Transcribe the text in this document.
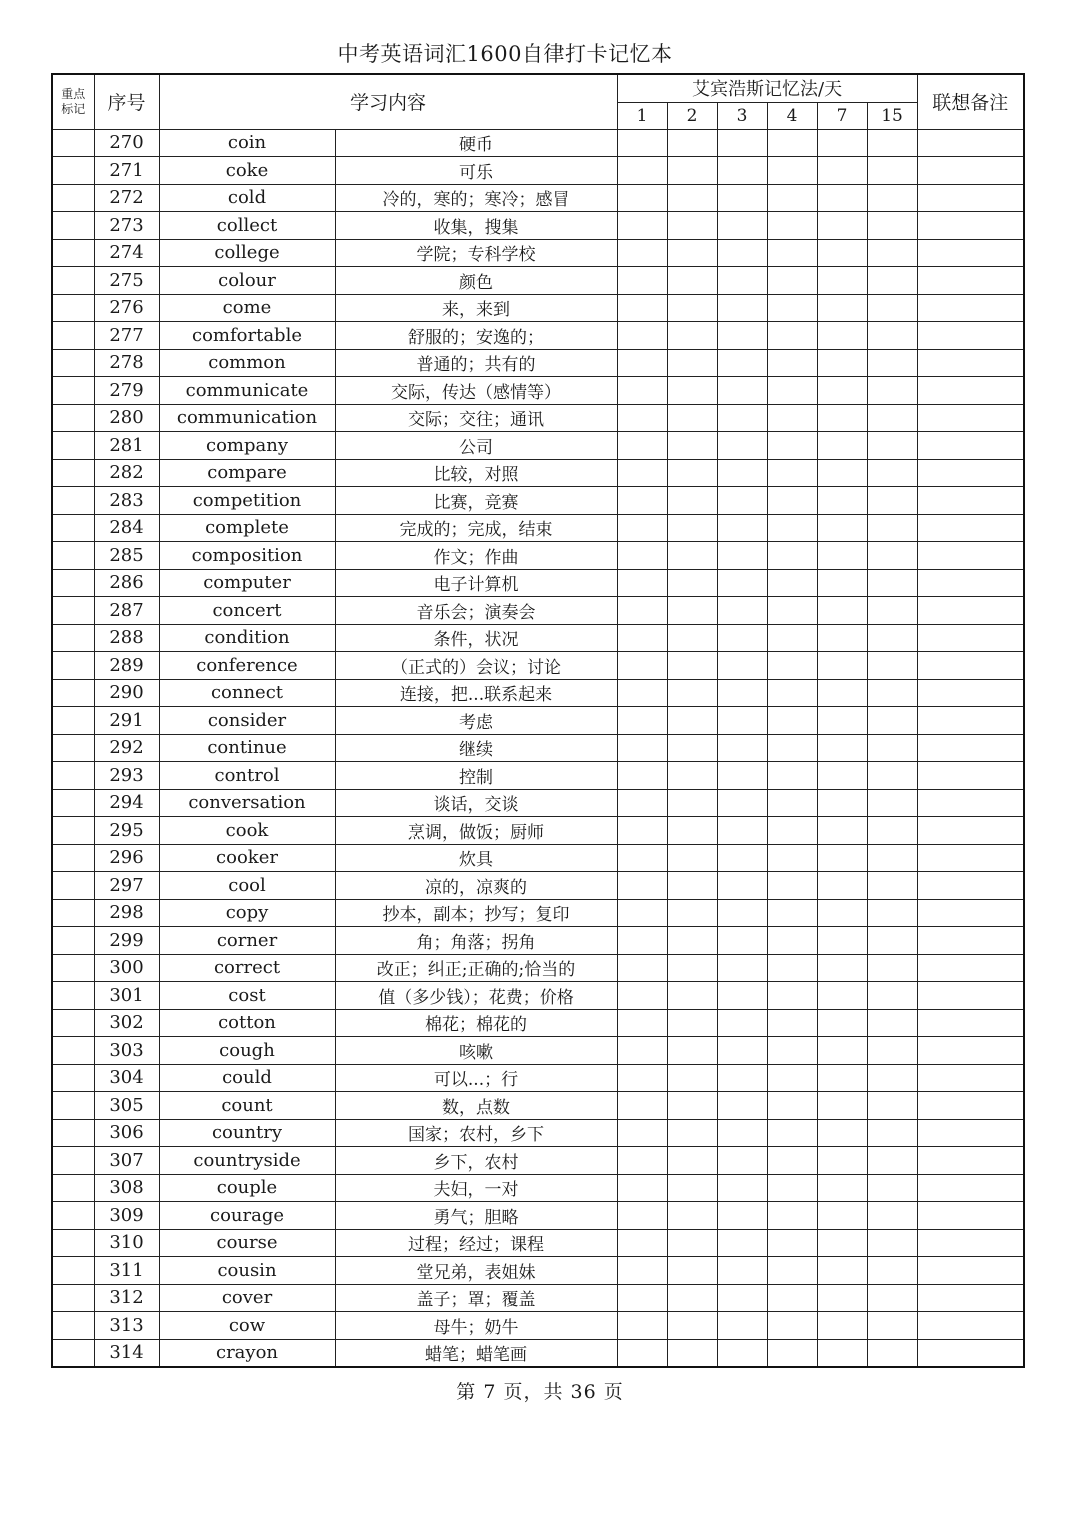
中考英语词汇1600自律打卡记忆本
重点标记	序号	学习内容		艾宾浩斯记忆法/天						联想备注
				1	2	3	4	7	15	
	270	coin	硬币							
	271	coke	可乐							
	272	cold	冷的，寒的；寒冷；感冒							
	273	collect	收集，搜集							
	274	college	学院；专科学校							
	275	colour	颜色							
	276	come	来，来到							
	277	comfortable	舒服的；安逸的；							
	278	common	普通的；共有的							
	279	communicate	交际，传达（感情等）							
	280	communication	交际；交往；通讯							
	281	company	公司							
	282	compare	比较，对照							
	283	competition	比赛，竞赛							
	284	complete	完成的；完成，结束							
	285	composition	作文；作曲							
	286	computer	电子计算机							
	287	concert	音乐会；演奏会							
	288	condition	条件，状况							
	289	conference	（正式的）会议；讨论							
	290	connect	连接，把...联系起来							
	291	consider	考虑							
	292	continue	继续							
	293	control	控制							
	294	conversation	谈话，交谈							
	295	cook	烹调，做饭；厨师							
	296	cooker	炊具							
	297	cool	凉的，凉爽的							
	298	copy	抄本，副本；抄写；复印							
	299	corner	角；角落；拐角							
	300	correct	改正；纠正;正确的;恰当的							
	301	cost	值（多少钱）；花费；价格							
	302	cotton	棉花；棉花的							
	303	cough	咳嗽							
	304	could	可以...；行							
	305	count	数，点数							
	306	country	国家；农村，乡下							
	307	countryside	乡下，农村							
	308	couple	夫妇，一对							
	309	courage	勇气；胆略							
	310	course	过程；经过；课程							
	311	cousin	堂兄弟，表姐妹							
	312	cover	盖子；罩；覆盖							
	313	cow	母牛；奶牛							
	314	crayon	蜡笔；蜡笔画							
第 7 页，共 36 页
